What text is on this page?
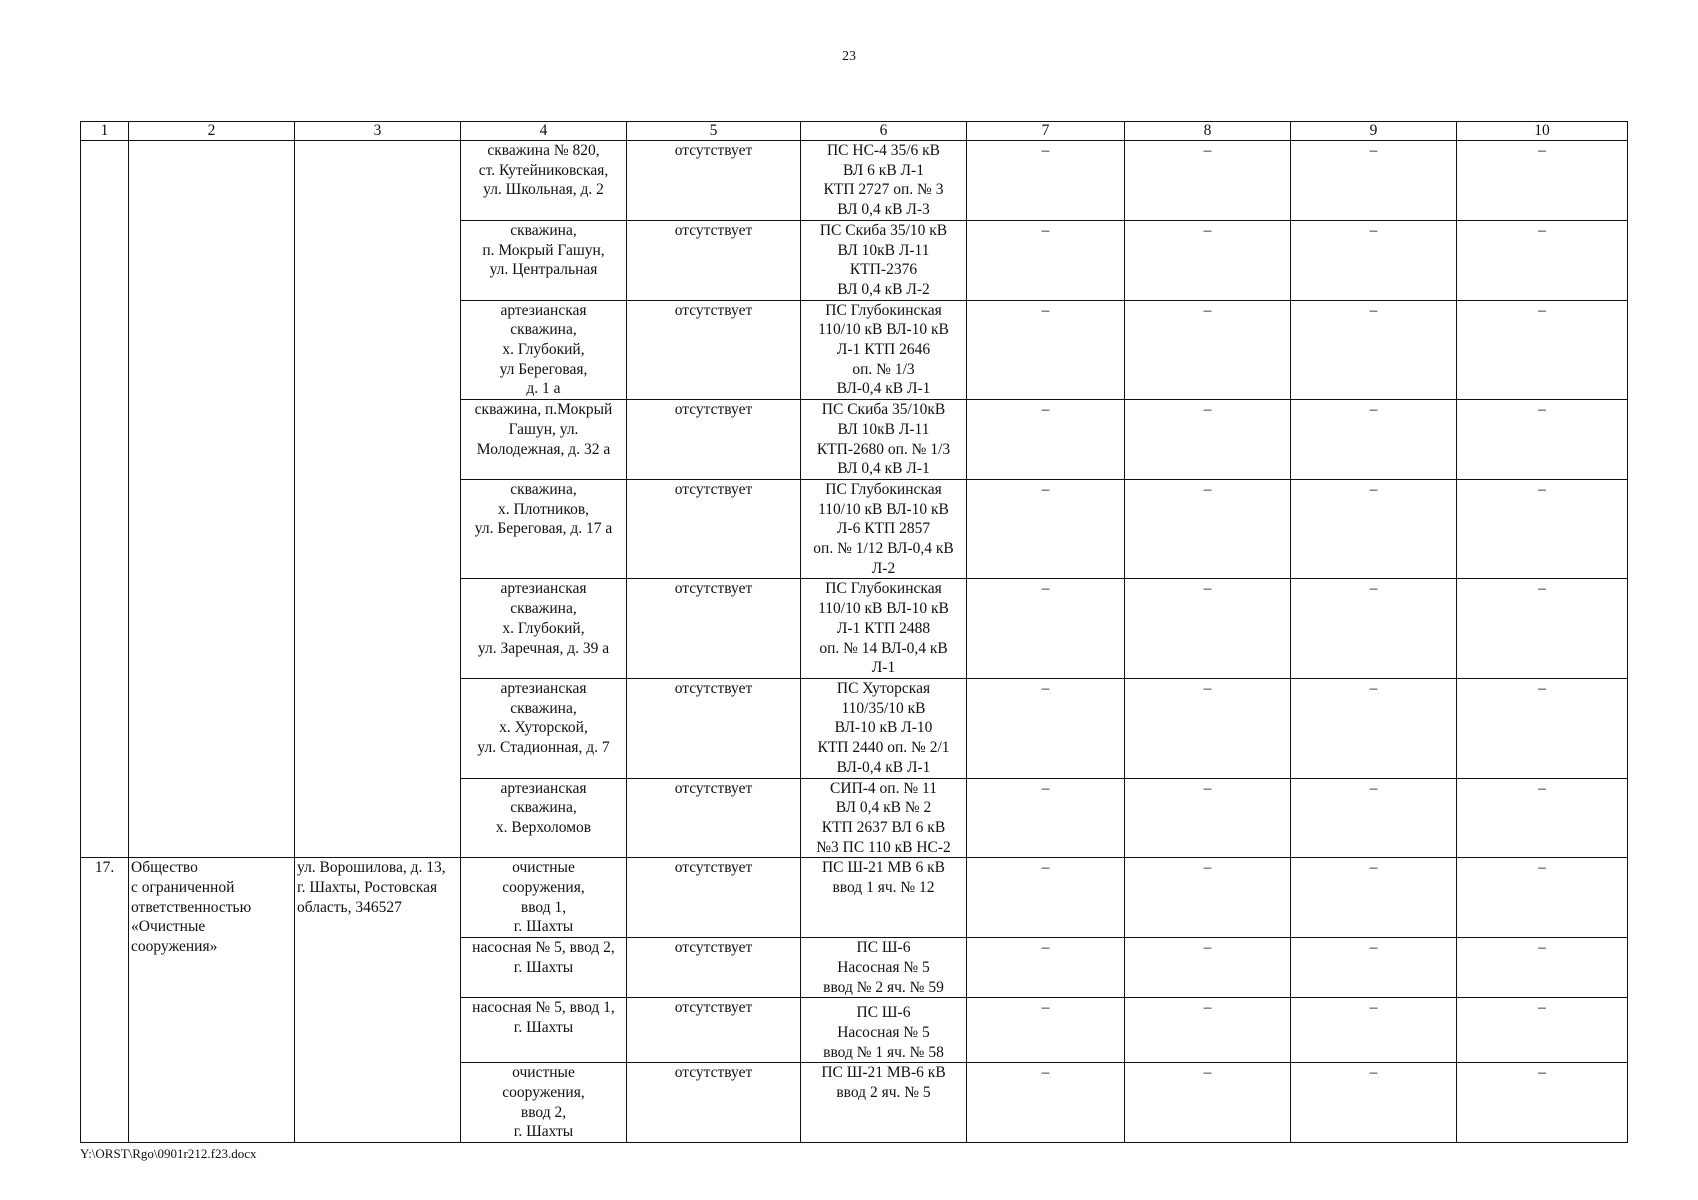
23
1	2	3	4	5	6	7	8	9	10
			скважина № 820,
ст. Кутейниковская,
ул. Школьная, д. 2	отсутствует	ПС НС-4 35/6 кВ
ВЛ 6 кВ Л-1
КТП 2727 оп. № 3
ВЛ 0,4 кВ Л-3	–	–	–	–
			скважина,
п. Мокрый Гашун,
ул. Центральная	отсутствует	ПС Скиба 35/10 кВ
ВЛ 10кВ Л-11
КТП-2376
ВЛ 0,4 кВ Л-2	–	–	–	–
			артезианская
скважина,
х. Глубокий,
ул Береговая,
д. 1 а	отсутствует	ПС Глубокинская
110/10 кВ ВЛ-10 кВ
Л-1 КТП 2646
оп. № 1/3
ВЛ-0,4 кВ Л-1	–	–	–	–
			скважина, п.Мокрый
Гашун, ул.
Молодежная, д. 32 а	отсутствует	ПС Скиба 35/10кВ
ВЛ 10кВ Л-11
КТП-2680 оп. № 1/3
ВЛ 0,4 кВ Л-1	–	–	–	–
			скважина,
х. Плотников,
ул. Береговая, д. 17 а	отсутствует	ПС Глубокинская
110/10 кВ ВЛ-10 кВ
Л-6 КТП 2857
оп. № 1/12 ВЛ-0,4 кВ
Л-2	–	–	–	–
			артезианская
скважина,
х. Глубокий,
ул. Заречная, д. 39 а	отсутствует	ПС Глубокинская
110/10 кВ ВЛ-10 кВ
Л-1 КТП 2488
оп. № 14 ВЛ-0,4 кВ
Л-1	–	–	–	–
			артезианская
скважина,
х. Хуторской,
ул. Стадионная, д. 7	отсутствует	ПС Хуторская
110/35/10 кВ
ВЛ-10 кВ Л-10
КТП 2440 оп. № 2/1
ВЛ-0,4 кВ Л-1	–	–	–	–
			артезианская
скважина,
х. Верхоломов	отсутствует	СИП-4 оп. № 11
ВЛ 0,4 кВ № 2
КТП 2637 ВЛ 6 кВ
№3 ПС 110 кВ НС-2	–	–	–	–
17.	Общество
с ограниченной
ответственностью
«Очистные
сооружения»	ул. Ворошилова, д. 13,
г. Шахты, Ростовская
область, 346527	очистные
сооружения,
ввод 1,
г. Шахты	отсутствует	ПС Ш-21 МВ 6 кВ
ввод 1 яч. № 12	–	–	–	–
			насосная № 5, ввод 2,
г. Шахты	отсутствует	ПС Ш-6
Насосная № 5
ввод № 2 яч. № 59	–	–	–	–
			насосная № 5, ввод 1,
г. Шахты	отсутствует	ПС Ш-6
Насосная № 5
ввод № 1 яч. № 58	–	–	–	–
			очистные
сооружения,
ввод 2,
г. Шахты	отсутствует	ПС Ш-21 МВ-6 кВ
ввод 2 яч. № 5	–	–	–	–
Y:\ORST\Rgo\0901r212.f23.docx
